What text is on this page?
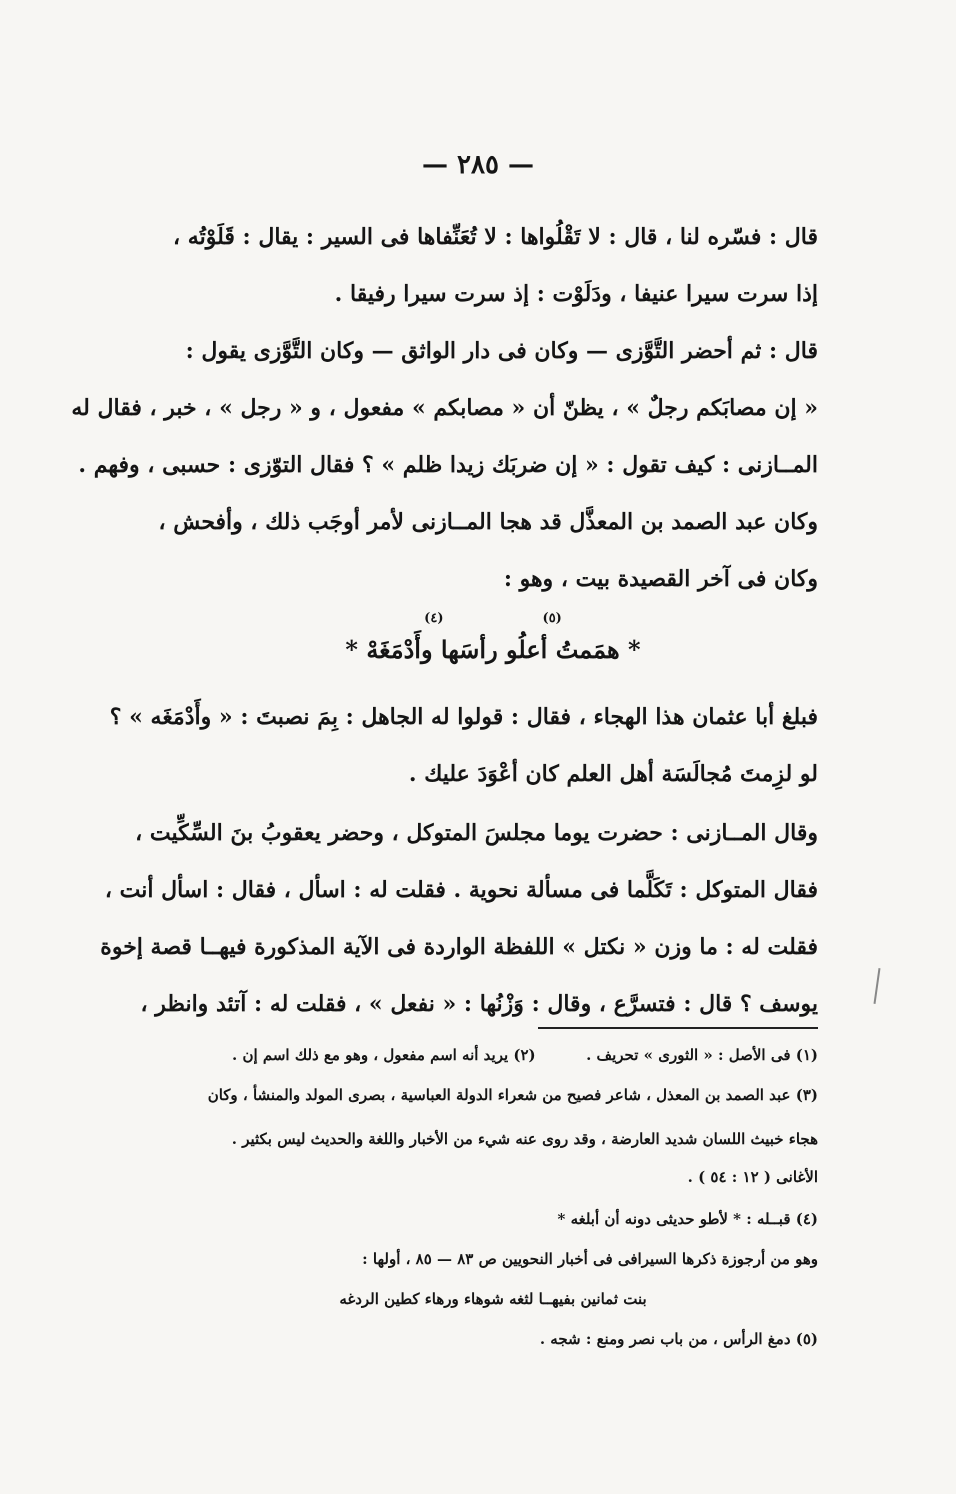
— ٢٨٥ —
قال : فسّره لنا ، قال : لا تَقْلُواها : لا تُعَنِّفاها فى السير : يقال : قَلَوْتُه ،
إذا سرت سيرا عنيفا ، ودَلَوْت : إذ سرت سيرا رفيقا .
قال : ثم أحضر التَّوَّزى — وكان فى دار الواثق — وكان التَّوَّزى يقول :
« إن مصابَكم رجلٌ » ، يظنّ أن « مصابكم » مفعول ، و « رجل » ، خبر ، فقال له
المــازنى : كيف تقول : « إن ضربَك زيدا ظلم » ؟ فقال التوّزى : حسبى ، وفهم .
وكان عبد الصمد بن المعذَّل قد هجا المــازنى لأمر أوجَب ذلك ، وأفحش ،
وكان فى آخر القصيدة بيت ، وهو :
(٥)  (٤)
* همَمتُ أعلُو رأسَها وأَدْمَغَهْ *
فبلغ أبا عثمان هذا الهجاء ، فقال : قولوا له الجاهل : بِمَ نصبتَ : « وأَدْمَغَه » ؟
لو لزِمتَ مُجالَسَة أهل العلم كان أعْوَدَ عليك .
وقال المــازنى : حضرت يوما مجلسَ المتوكل ، وحضر يعقوبُ بنَ السِّكِّيت ،
فقال المتوكل : تَكَلَّما فى مسألة نحوية . فقلت له : اسأل ، فقال : اسأل أنت ،
فقلت له : ما وزن « نكتل » اللفظة الواردة فى الآية المذكورة فيهــا قصة إخوة
يوسف ؟ قال : فتسرَّع ، وقال : وَزْنُها : « نفعل » ، فقلت له : آتئد وانظر ،
(١) فى الأصل : « الثورى » تحريف .  (٢) يريد أنه اسم مفعول ، وهو مع ذلك اسم إن .
(٣) عبد الصمد بن المعذل ، شاعر فصيح من شعراء الدولة العباسية ، بصرى المولد والمنشأ ، وكان
هجاء خبيث اللسان شديد العارضة ، وقد روى عنه شيء من الأخبار واللغة والحديث ليس بكثير .
الأغانى ( ١٢ : ٥٤ ) .
(٤) قبــله : * لأطو حديثى دونه أن أبلغه *
وهو من أرجوزة ذكرها السيرافى فى أخبار النحويين ص ٨٣ — ٨٥ ، أولها :
بنت ثمانين بفيهــا لثغه شوهاء ورهاء كطين الردغه
(٥) دمغ الرأس ، من باب نصر ومنع : شجه .
